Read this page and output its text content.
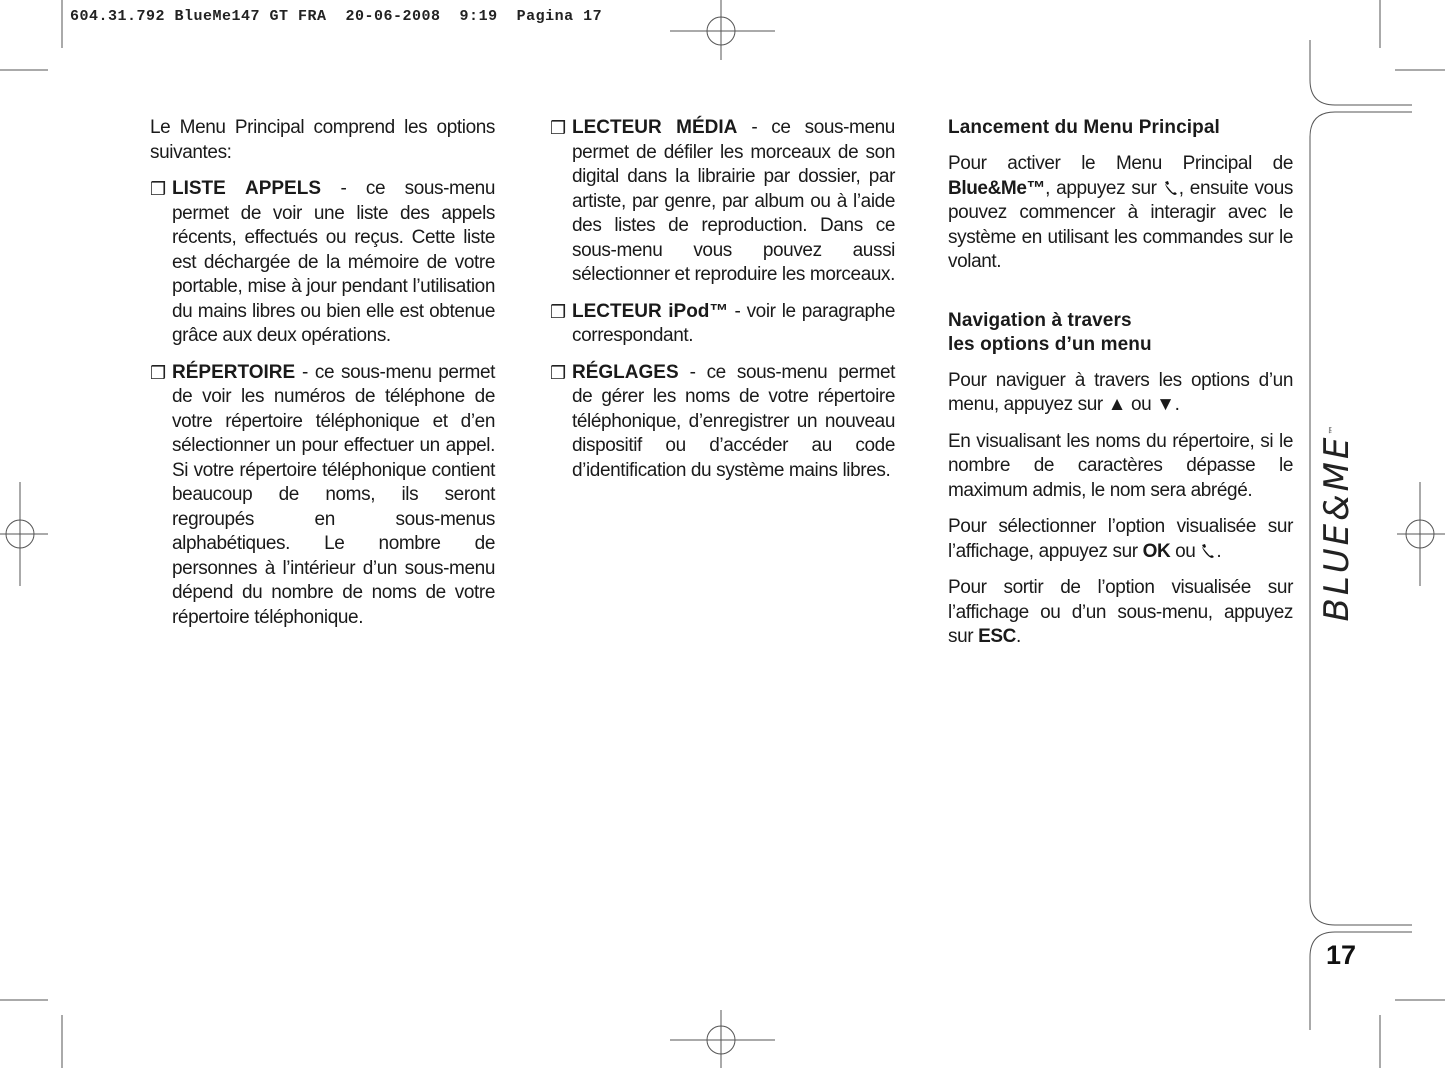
604.31.792 BlueMe147 GT FRA  20-06-2008  9:19  Pagina 17

Le Menu Principal comprend les options suivantes:

❒ LISTE APPELS - ce sous-menu permet de voir une liste des appels récents, effectués ou reçus. Cette liste est déchargée de la mémoire de votre portable, mise à jour pendant l’utilisation du mains libres ou bien elle est obtenue grâce aux deux opérations.
❒ RÉPERTOIRE - ce sous-menu permet de voir les numéros de téléphone de votre répertoire téléphonique et d’en sélectionner un pour effectuer un appel. Si votre répertoire téléphonique contient beaucoup de noms, ils seront regroupés en sous-menus alphabétiques. Le nombre de personnes à l’intérieur d’un sous-menu dépend du nombre de noms de votre répertoire téléphonique.
❒ LECTEUR MÉDIA - ce sous-menu permet de défiler les morceaux de son digital dans la librairie par dossier, par artiste, par genre, par album ou à l’aide des listes de reproduction. Dans ce sous-menu vous pouvez aussi sélectionner et reproduire les morceaux.
❒ LECTEUR iPod™ - voir le paragraphe correspondant.
❒ RÉGLAGES - ce sous-menu permet de gérer les noms de votre répertoire téléphonique, d’enregistrer un nouveau dispositif ou d’accéder au code d’identification du système mains libres.
Lancement du Menu Principal

Pour activer le Menu Principal de Blue&Me™, appuyez sur , ensuite vous pouvez commencer à interagir avec le système en utilisant les commandes sur le volant.

Navigation à travers
les options d’un menu

Pour naviguer à travers les options d’un menu, appuyez sur ▲ ou ▼.

En visualisant les noms du répertoire, si le nombre de caractères dépasse le maximum admis, le nom sera abrégé.

Pour sélectionner l’option visualisée sur l’affichage, appuyez sur OK ou .

Pour sortir de l’option visualisée sur l’affichage ou d’un sous-menu, appuyez sur ESC.

BLUE&ME™
17
